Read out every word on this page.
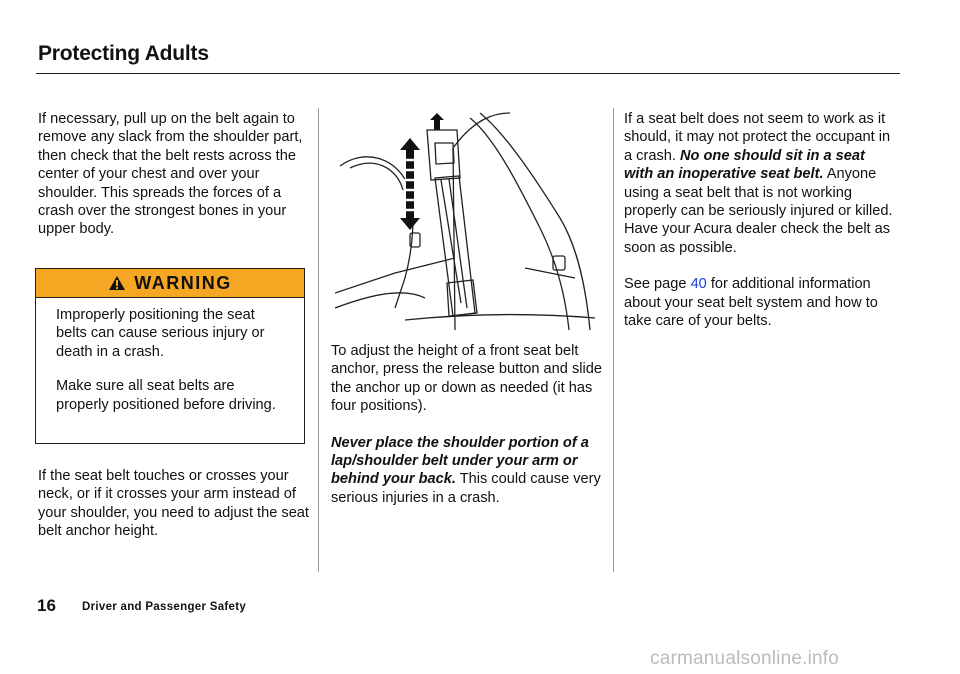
Protecting Adults

If necessary, pull up on the belt again to remove any slack from the shoulder part, then check that the belt rests across the center of your chest and over your shoulder. This spreads the forces of a crash over the strongest bones in your upper body.

WARNING

Improperly positioning the seat belts can cause serious injury or death in a crash.

Make sure all seat belts are properly positioned before driving.

If the seat belt touches or crosses your neck, or if it crosses your arm instead of your shoulder, you need to adjust the seat belt anchor height.

To adjust the height of a front seat belt anchor, press the release button and slide the anchor up or down as needed (it has four positions).

Never place the shoulder portion of a lap/shoulder belt under your arm or behind your back. This could cause very serious injuries in a crash.

If a seat belt does not seem to work as it should, it may not protect the occupant in a crash. No one should sit in a seat with an inoperative seat belt. Anyone using a seat belt that is not working properly can be seriously injured or killed. Have your Acura dealer check the belt as soon as possible.

See page 40 for additional information about your seat belt system and how to take care of your belts.

16 Driver and Passenger Safety
carmanualsonline.info
